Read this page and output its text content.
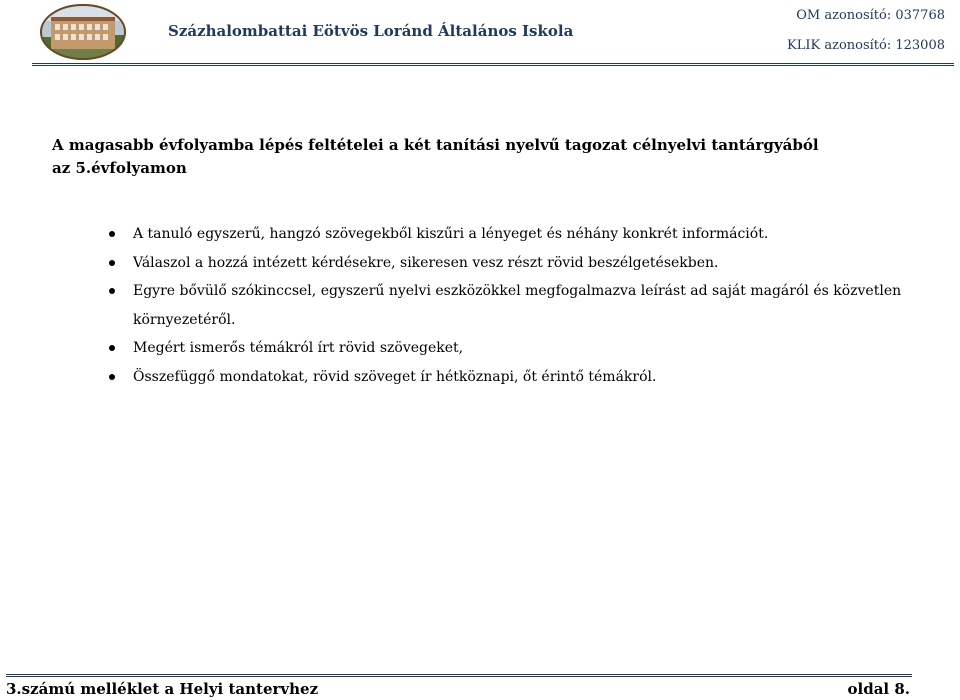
Százhalombattai Eötvös Loránd Általános Iskola
OM azonosító: 037768
KLIK azonosító: 123008
A magasabb évfolyamba lépés feltételei a két tanítási nyelvű tagozat célnyelvi tantárgyából az 5.évfolyamon
A tanuló egyszerű, hangzó szövegekből kiszűri a lényeget és néhány konkrét információt.
Válaszol a hozzá intézett kérdésekre, sikeresen vesz részt rövid beszélgetésekben.
Egyre bővülő szókinccsel, egyszerű nyelvi eszközökkel megfogalmazva leírást ad saját magáról és közvetlen környezetéről.
Megért ismerős témákról írt rövid szövegeket,
Összefüggő mondatokat, rövid szöveget ír hétköznapi, őt érintő témákról.
3.számú melléklet a Helyi tantervhez	oldal 8.
